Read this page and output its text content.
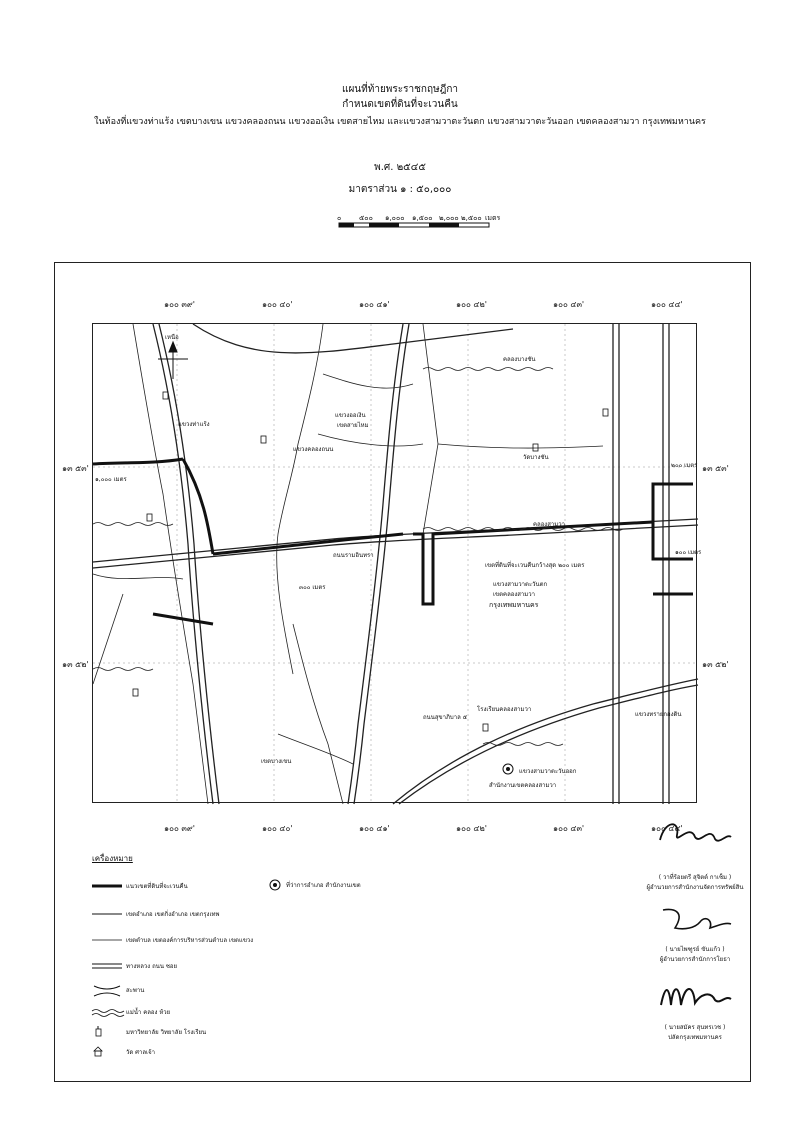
แผนที่ท้ายพระราชกฤษฎีกา
กำหนดเขตที่ดินที่จะเวนคืน
ในท้องที่แขวงท่าแร้ง เขตบางเขน แขวงคลองถนน แขวงออเงิน เขตสายไหม และแขวงสามวาตะวันตก แขวงสามวาตะวันออก เขตคลองสามวา กรุงเทพมหานคร
พ.ศ. ๒๕๔๕
มาตราส่วน ๑ : ๕๐,๐๐๐
๐	๕๐๐ ๑,๐๐๐ ๑,๕๐๐ ๒,๐๐๐ ๒,๕๐๐ เมตร
๑๐๐ ๓๙'	๑๐๐ ๔๐'	๑๐๐ ๔๑'	๑๐๐ ๔๒'	๑๐๐ ๔๓'	๑๐๐ ๔๔'
๑๐๐ ๓๙'	๑๐๐ ๔๐'	๑๐๐ ๔๑'	๑๐๐ ๔๒'	๑๐๐ ๔๓'	๑๐๐ ๔๔'
๑๓ ๕๓'
๑๓ ๕๒'
๑๓ ๕๓'
๑๓ ๕๒'
แขวงท่าแร้ง
แขวงคลองถนน
แขวงออเงิน
เขตสายไหม
แขวงสามวาตะวันตก
เขตคลองสามวา
กรุงเทพมหานคร
เขตบางเขน
แขวงสามวาตะวันออก
แขวงทรายกองดิน
เหนือ
เขตที่ดินที่จะเวนคืนกว้างสุด ๒๐๐ เมตร
๑,๐๐๐ เมตร
๓๐๐ เมตร
๒๐๐ เมตร
๑๐๐ เมตร
สำนักงานเขตคลองสามวา
คลองสามวา
คลองบางชัน
โรงเรียนคลองสามวา
วัดบางชัน
ถนนรามอินทรา
ถนนสุขาภิบาล ๕
เครื่องหมาย
แนวเขตที่ดินที่จะเวนคืน
เขตอำเภอ เขตกิ่งอำเภอ เขตกรุงเทพ
เขตตำบล เขตองค์การบริหารส่วนตำบล เขตแขวง
ทางหลวง ถนน ซอย
สะพาน
แม่น้ำ คลอง ห้วย
มหาวิทยาลัย วิทยาลัย โรงเรียน
วัด ศาลเจ้า
ที่ว่าการอำเภอ สำนักงานเขต
( วาที่ร้อยตรี สุจิตต์ กาเซ็ม )
ผู้อำนวยการสำนักงานจัดการทรัพย์สิน
( นายไพฑูรย์ ขันแก้ว )
ผู้อำนวยการสำนักการโยธา
( นายสมัคร สุนทรเวช )
ปลัดกรุงเทพมหานคร
